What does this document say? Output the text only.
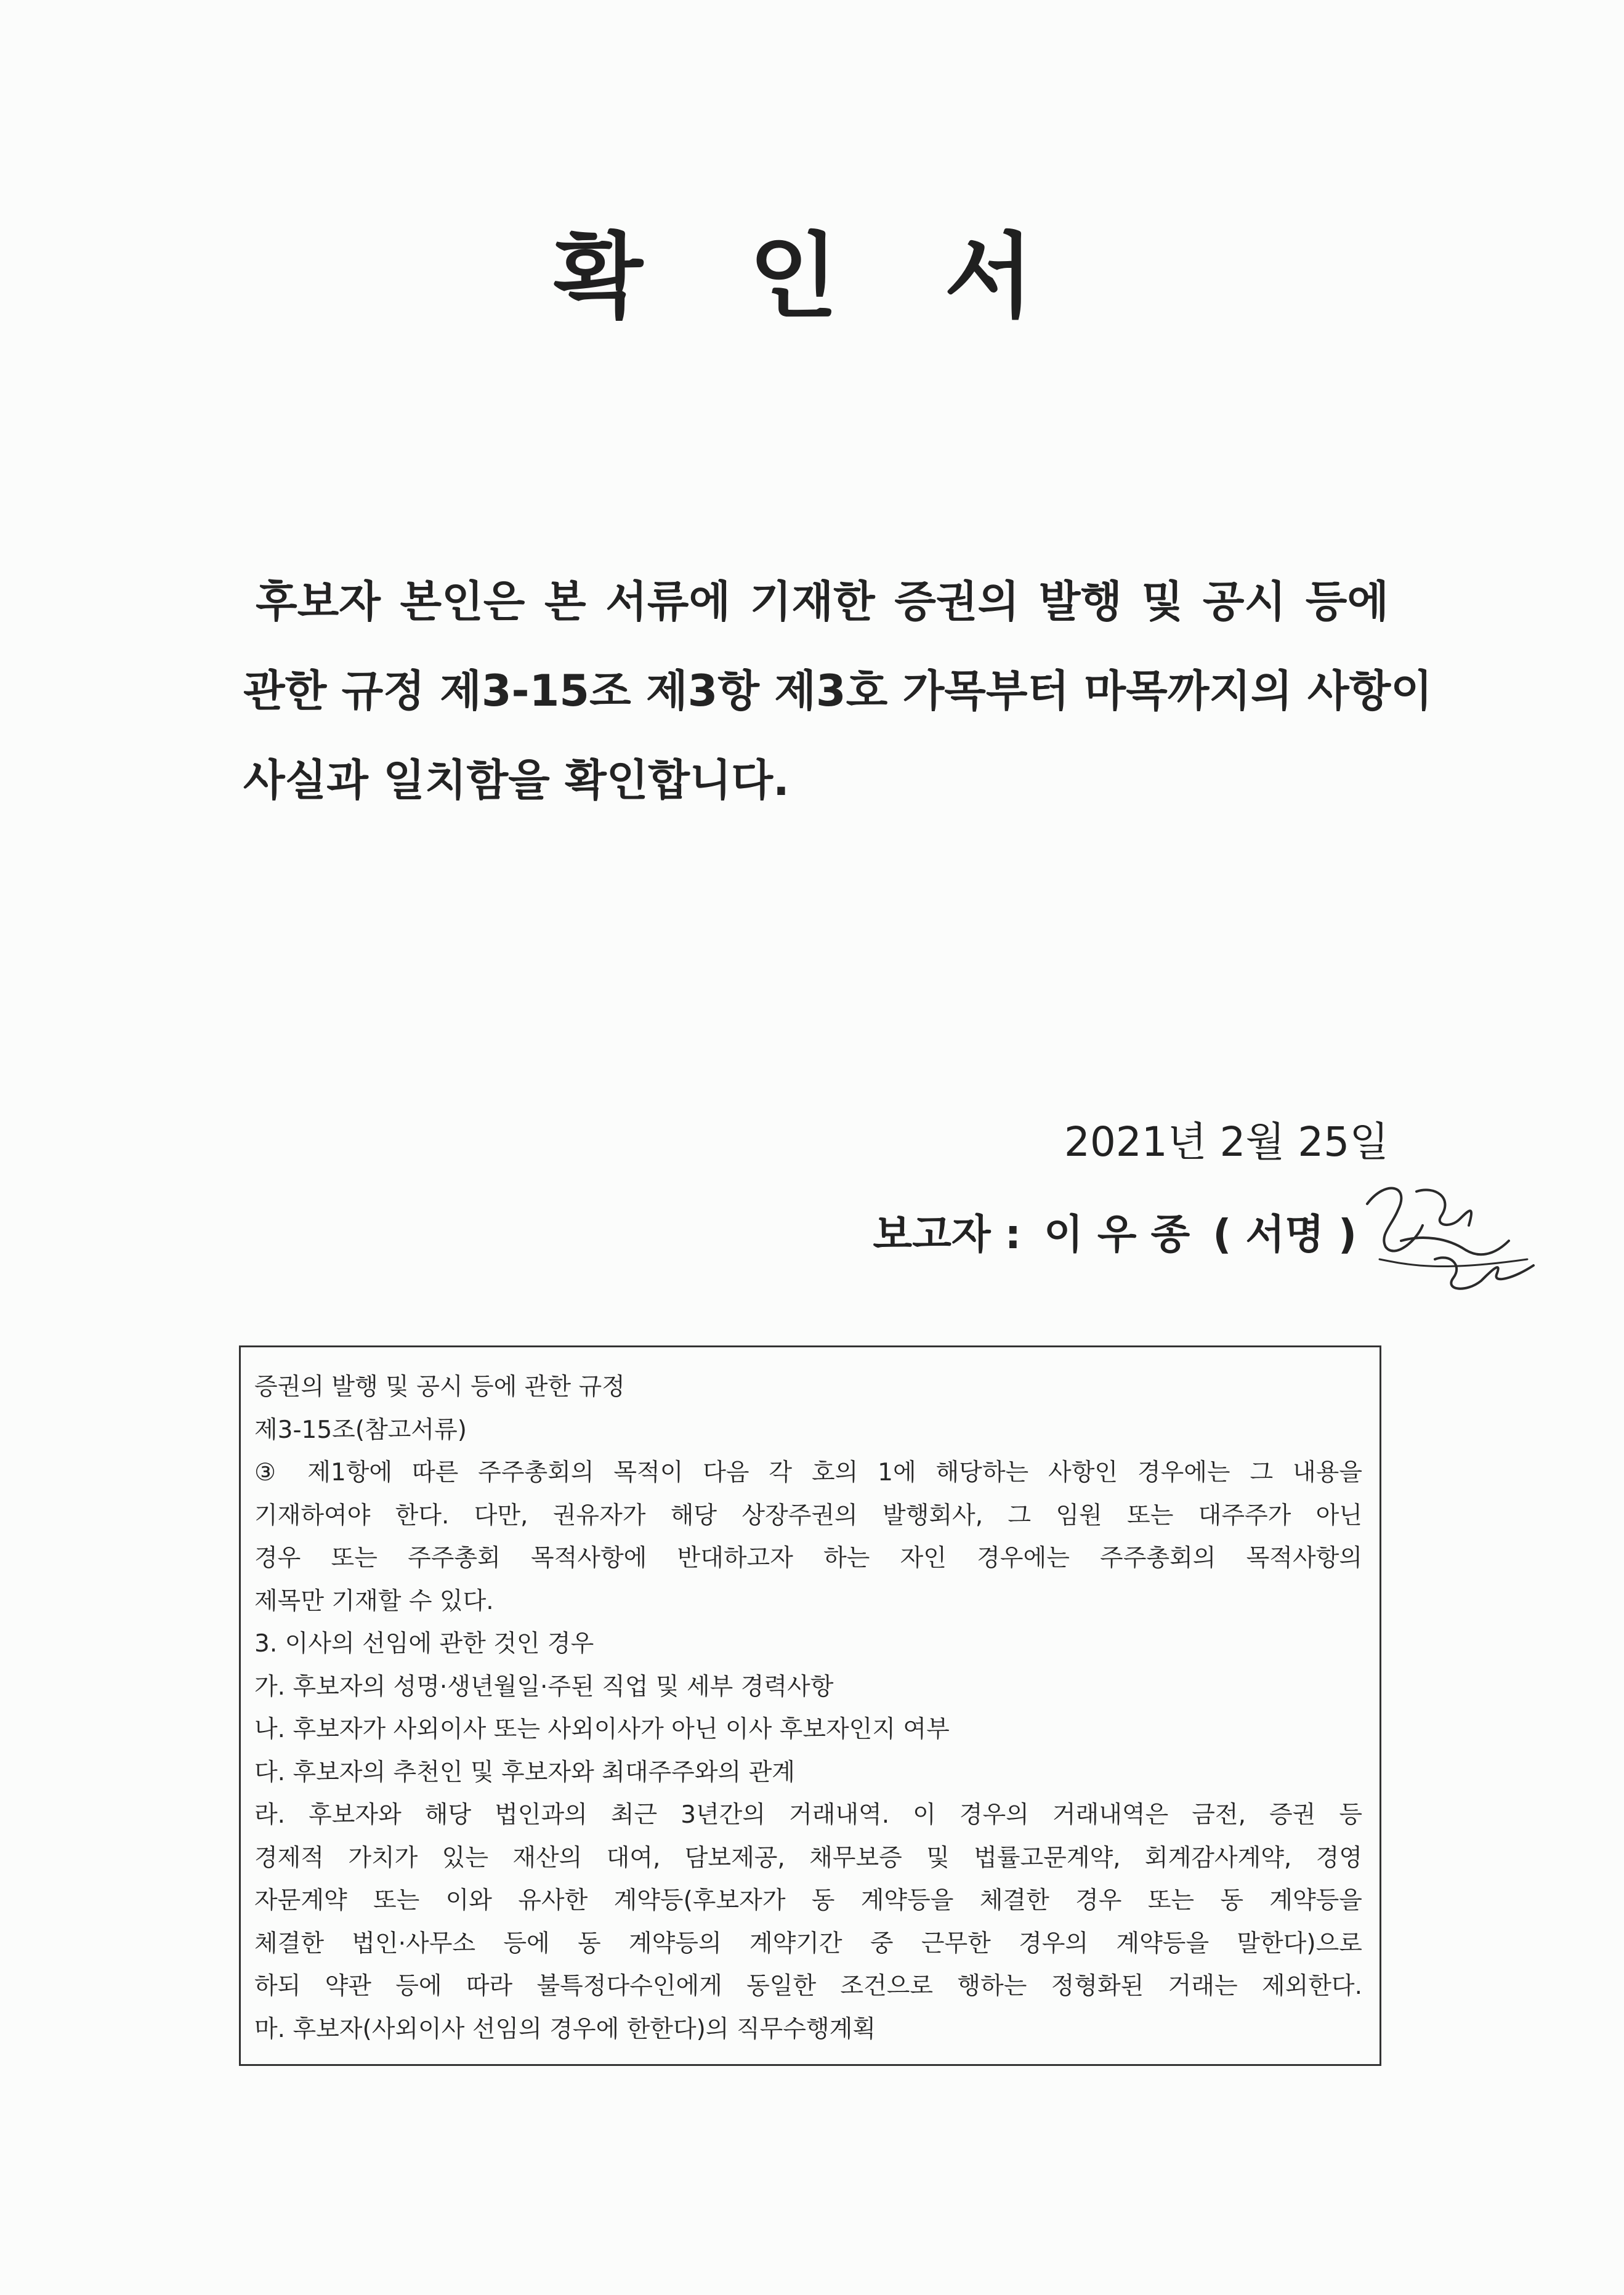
확 인 서
후보자 본인은 본 서류에 기재한 증권의 발행 및 공시 등에
관한 규정 제3-15조 제3항 제3호 가목부터 마목까지의 사항이
사실과 일치함을 확인합니다.
2021년 2월 25일
보고자 : 이 우 종 ( 서명 )
증권의 발행 및 공시 등에 관한 규정
제3-15조(참고서류)
③ 제1항에 따른 주주총회의 목적이 다음 각 호의 1에 해당하는 사항인 경우에는 그 내용을
기재하여야 한다. 다만, 권유자가 해당 상장주권의 발행회사, 그 임원 또는 대주주가 아닌
경우 또는 주주총회 목적사항에 반대하고자 하는 자인 경우에는 주주총회의 목적사항의
제목만 기재할 수 있다.
3. 이사의 선임에 관한 것인 경우
가. 후보자의 성명·생년월일·주된 직업 및 세부 경력사항
나. 후보자가 사외이사 또는 사외이사가 아닌 이사 후보자인지 여부
다. 후보자의 추천인 및 후보자와 최대주주와의 관계
라. 후보자와 해당 법인과의 최근 3년간의 거래내역. 이 경우의 거래내역은 금전, 증권 등
경제적 가치가 있는 재산의 대여, 담보제공, 채무보증 및 법률고문계약, 회계감사계약, 경영
자문계약 또는 이와 유사한 계약등(후보자가 동 계약등을 체결한 경우 또는 동 계약등을
체결한 법인·사무소 등에 동 계약등의 계약기간 중 근무한 경우의 계약등을 말한다)으로
하되 약관 등에 따라 불특정다수인에게 동일한 조건으로 행하는 정형화된 거래는 제외한다.
마. 후보자(사외이사 선임의 경우에 한한다)의 직무수행계획
